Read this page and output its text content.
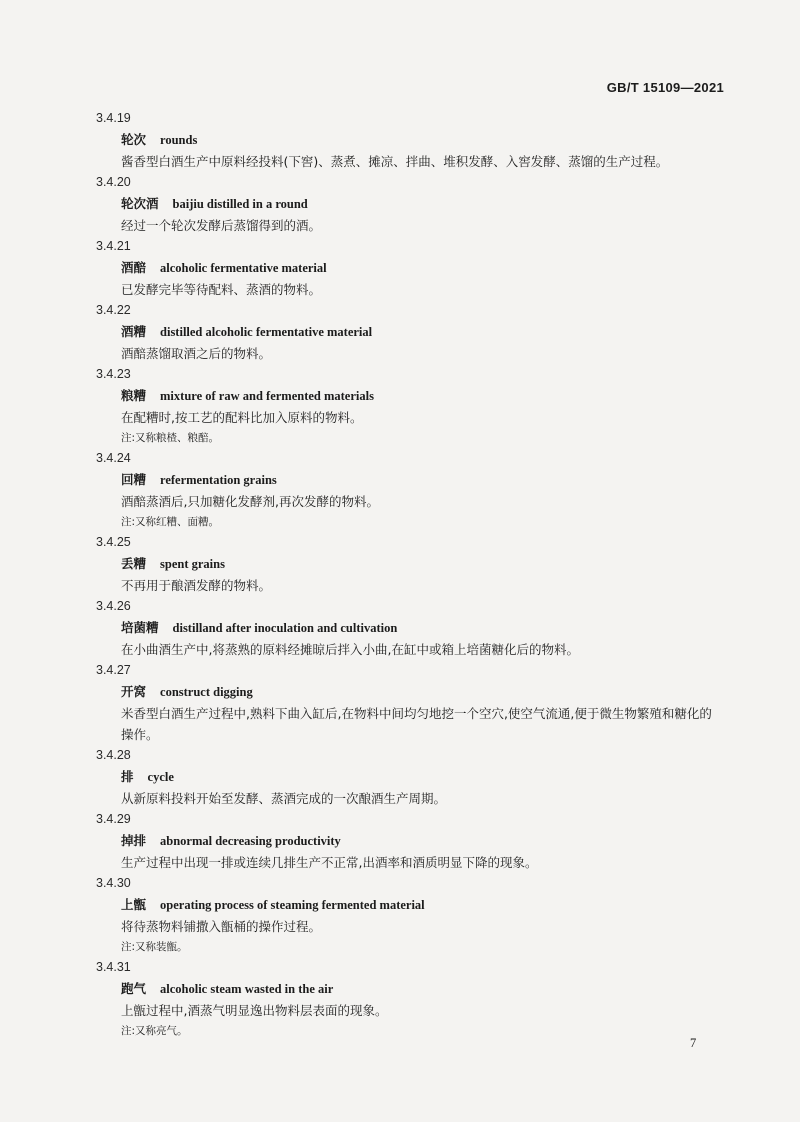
GB/T 15109—2021
3.4.19
轮次 rounds
酱香型白酒生产中原料经投料(下窖)、蒸煮、摊凉、拌曲、堆积发酵、入窖发酵、蒸馏的生产过程。
3.4.20
轮次酒 baijiu distilled in a round
经过一个轮次发酵后蒸馏得到的酒。
3.4.21
酒醅 alcoholic fermentative material
已发酵完毕等待配料、蒸酒的物料。
3.4.22
酒糟 distilled alcoholic fermentative material
酒醅蒸馏取酒之后的物料。
3.4.23
粮糟 mixture of raw and fermented materials
在配糟时,按工艺的配料比加入原料的物料。
注:又称粮楂、粮醅。
3.4.24
回糟 refermentation grains
酒醅蒸酒后,只加糖化发酵剂,再次发酵的物料。
注:又称红糟、面糟。
3.4.25
丢糟 spent grains
不再用于酿酒发酵的物料。
3.4.26
培菌糟 distilland after inoculation and cultivation
在小曲酒生产中,将蒸熟的原料经摊晾后拌入小曲,在缸中或箱上培菌糖化后的物料。
3.4.27
开窝 construct digging
米香型白酒生产过程中,熟料下曲入缸后,在物料中间均匀地挖一个空穴,使空气流通,便于微生物繁殖和糖化的操作。
3.4.28
排 cycle
从新原料投料开始至发酵、蒸酒完成的一次酿酒生产周期。
3.4.29
掉排 abnormal decreasing productivity
生产过程中出现一排或连续几排生产不正常,出酒率和酒质明显下降的现象。
3.4.30
上甑 operating process of steaming fermented material
将待蒸物料铺撒入甑桶的操作过程。
注:又称装甑。
3.4.31
跑气 alcoholic steam wasted in the air
上甑过程中,酒蒸气明显逸出物料层表面的现象。
注:又称亮气。
7
